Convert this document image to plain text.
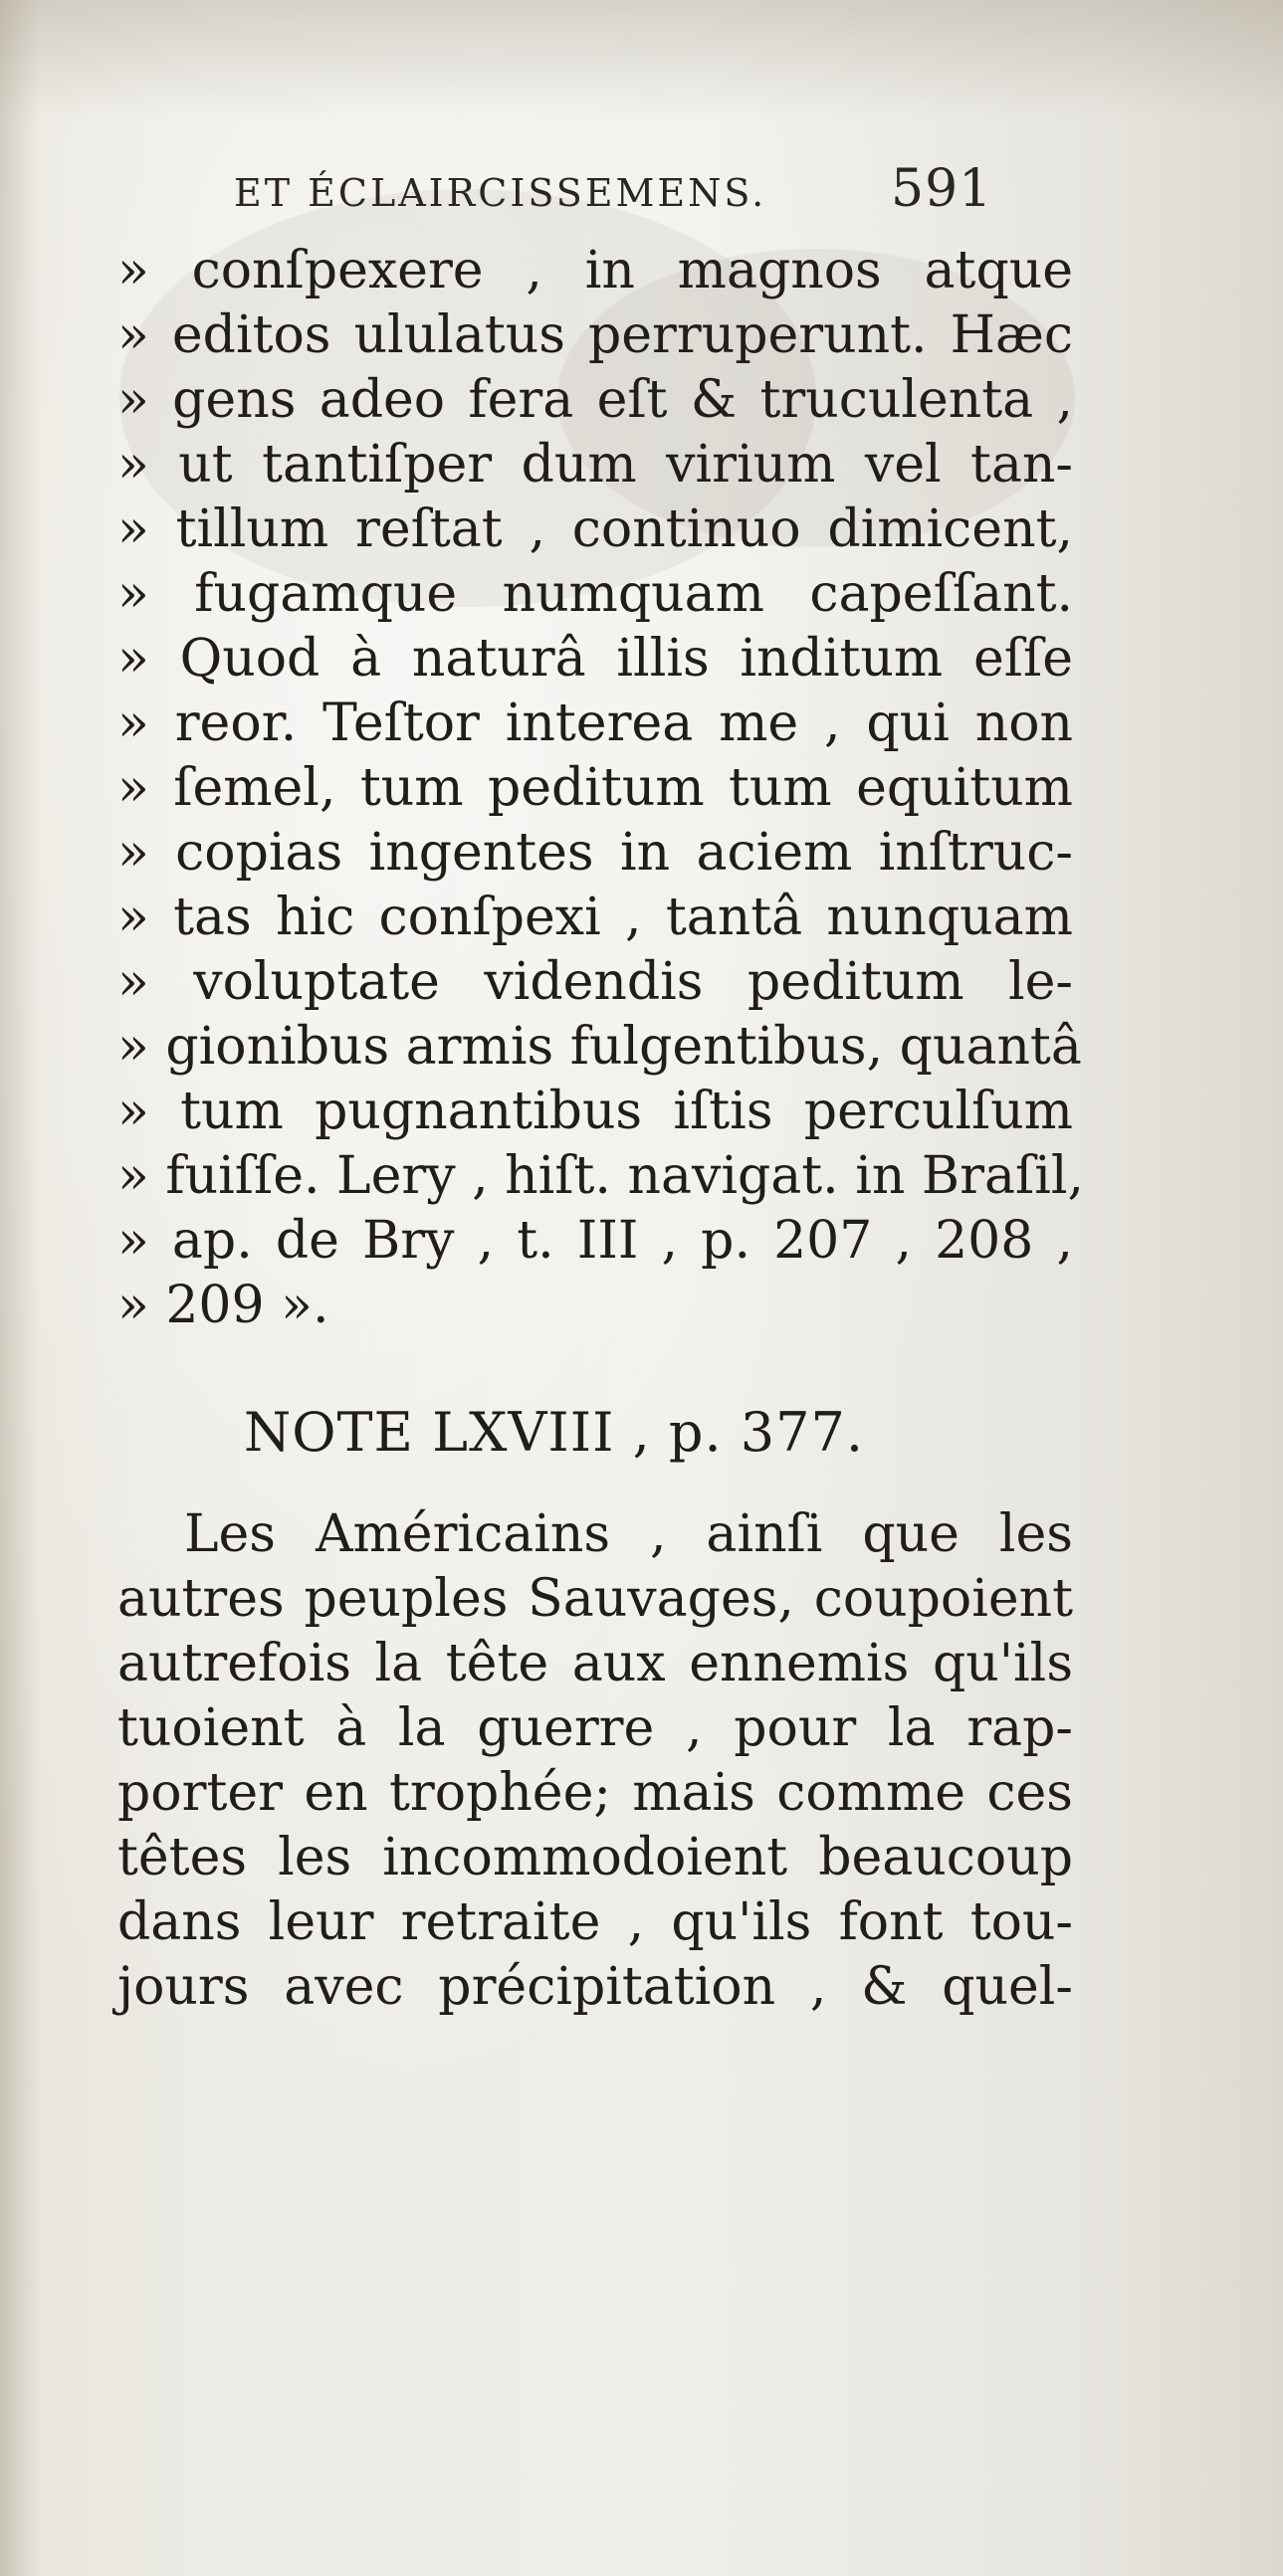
ET ÉCLAIRCISSEMENS. 591
» conſpexere , in magnos atque
» editos ululatus perruperunt. Hæc
» gens adeo fera eſt & truculenta ,
» ut tantiſper dum virium vel tan-
» tillum reſtat , continuo dimicent,
» fugamque numquam capeſſant.
» Quod à naturâ illis inditum eſſe
» reor. Teſtor interea me , qui non
» ſemel, tum peditum tum equitum
» copias ingentes in aciem inſtruc-
» tas hic conſpexi , tantâ nunquam
» voluptate videndis peditum le-
» gionibus armis fulgentibus, quantâ
» tum pugnantibus iſtis perculſum
» fuiſſe. Lery , hiſt. navigat. in Braſil,
» ap. de Bry , t. III , p. 207 , 208 ,
» 209 ».
NOTE LXVIII , p. 377.
Les Américains , ainſi que les
autres peuples Sauvages, coupoient
autrefois la tête aux ennemis qu'ils
tuoient à la guerre , pour la rap-
porter en trophée; mais comme ces
têtes les incommodoient beaucoup
dans leur retraite , qu'ils font tou-
jours avec précipitation , & quel-
